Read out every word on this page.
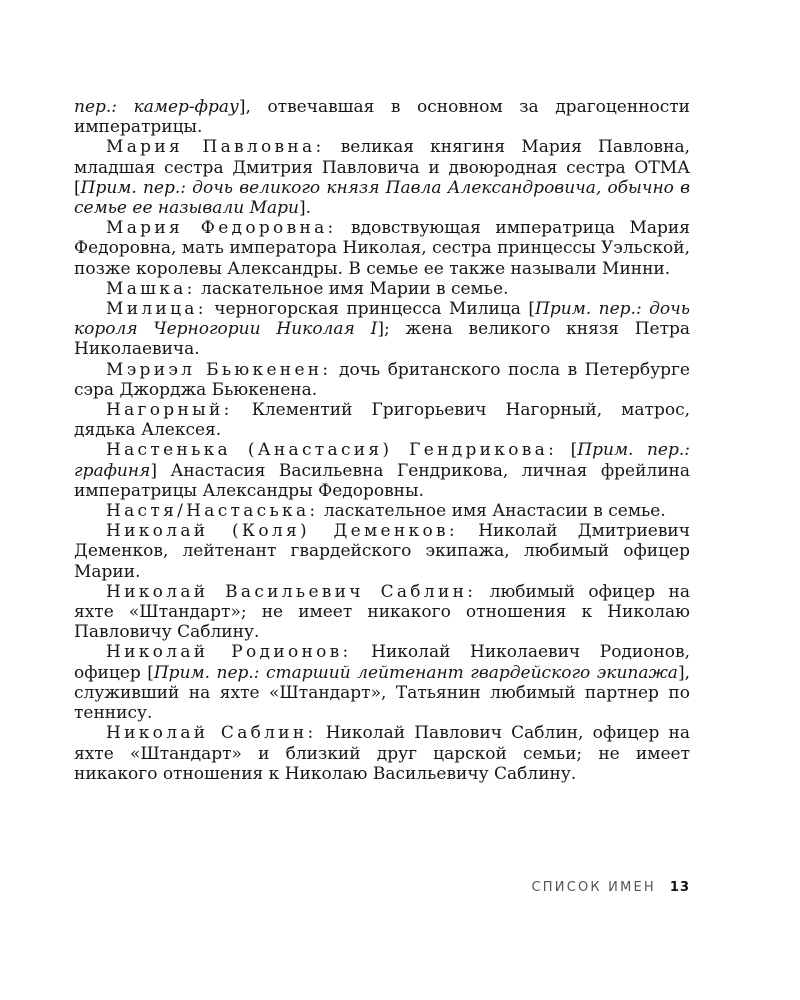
пер.: камер-фрау], отвечавшая в основном за драгоценности императрицы.

Мария Павловна: великая княгиня Мария Павловна, младшая сестра Дмитрия Павловича и двоюродная сестра ОТМА [Прим. пер.: дочь великого князя Павла Александровича, обычно в семье ее называли Мари].

Мария Федоровна: вдовствующая императрица Мария Федоровна, мать императора Николая, сестра принцессы Уэльской, позже королевы Александры. В семье ее также называли Минни.

Машка: ласкательное имя Марии в семье.

Милица: черногорская принцесса Милица [Прим. пер.: дочь короля Черногории Николая I]; жена великого князя Петра Николаевича.

Мэриэл Бьюкенен: дочь британского посла в Петербурге сэра Джорджа Бьюкенена.

Нагорный: Клементий Григорьевич Нагорный, матрос, дядька Алексея.

Настенька (Анастасия) Гендрикова: [Прим. пер.: графиня] Анастасия Васильевна Гендрикова, личная фрейлина императрицы Александры Федоровны.

Настя/Настаська: ласкательное имя Анастасии в семье.

Николай (Коля) Деменков: Николай Дмитриевич Деменков, лейтенант гвардейского экипажа, любимый офицер Марии.

Николай Васильевич Саблин: любимый офицер на яхте «Штандарт»; не имеет никакого отношения к Николаю Павловичу Саблину.

Николай Родионов: Николай Николаевич Родионов, офицер [Прим. пер.: старший лейтенант гвардейского экипажа], служивший на яхте «Штандарт», Татьянин любимый партнер по теннису.

Николай Саблин: Николай Павлович Саблин, офицер на яхте «Штандарт» и близкий друг царской семьи; не имеет никакого отношения к Николаю Васильевичу Саблину.

СПИСОК ИМЕН 13
